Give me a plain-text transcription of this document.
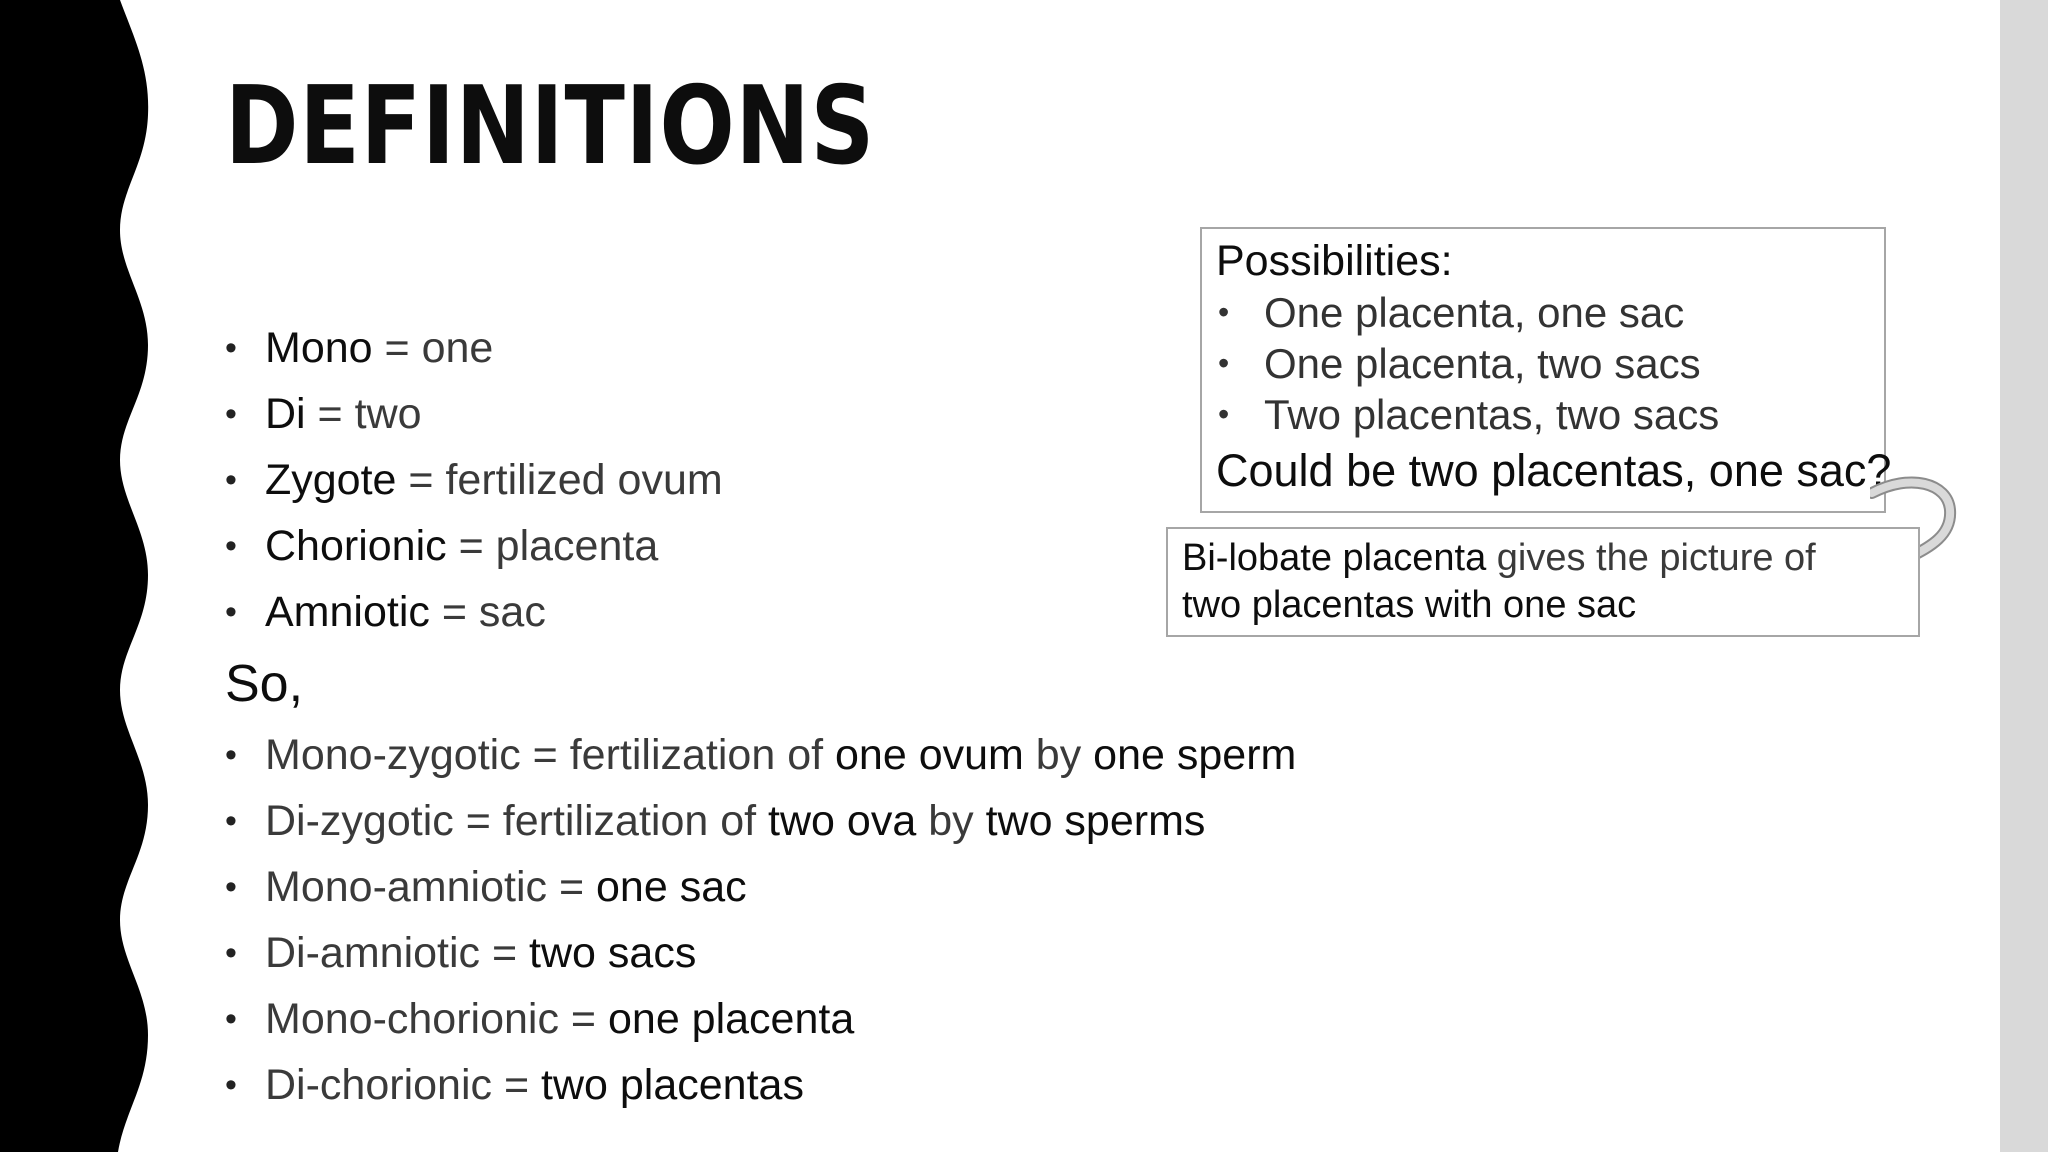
DEFINITIONS
• Mono = one
• Di = two
• Zygote = fertilized ovum
• Chorionic = placenta
• Amniotic = sac

So,

• Mono-zygotic = fertilization of one ovum by one sperm
• Di-zygotic = fertilization of two ova by two sperms
• Mono-amniotic = one sac
• Di-amniotic = two sacs
• Mono-chorionic = one placenta
• Di-chorionic = two placentas

Possibilities:

• One placenta, one sac
• One placenta, two sacs
• Two placentas, two sacs

Could be two placentas, one sac?

Bi-lobate placenta gives the picture of
two placentas with one sac
